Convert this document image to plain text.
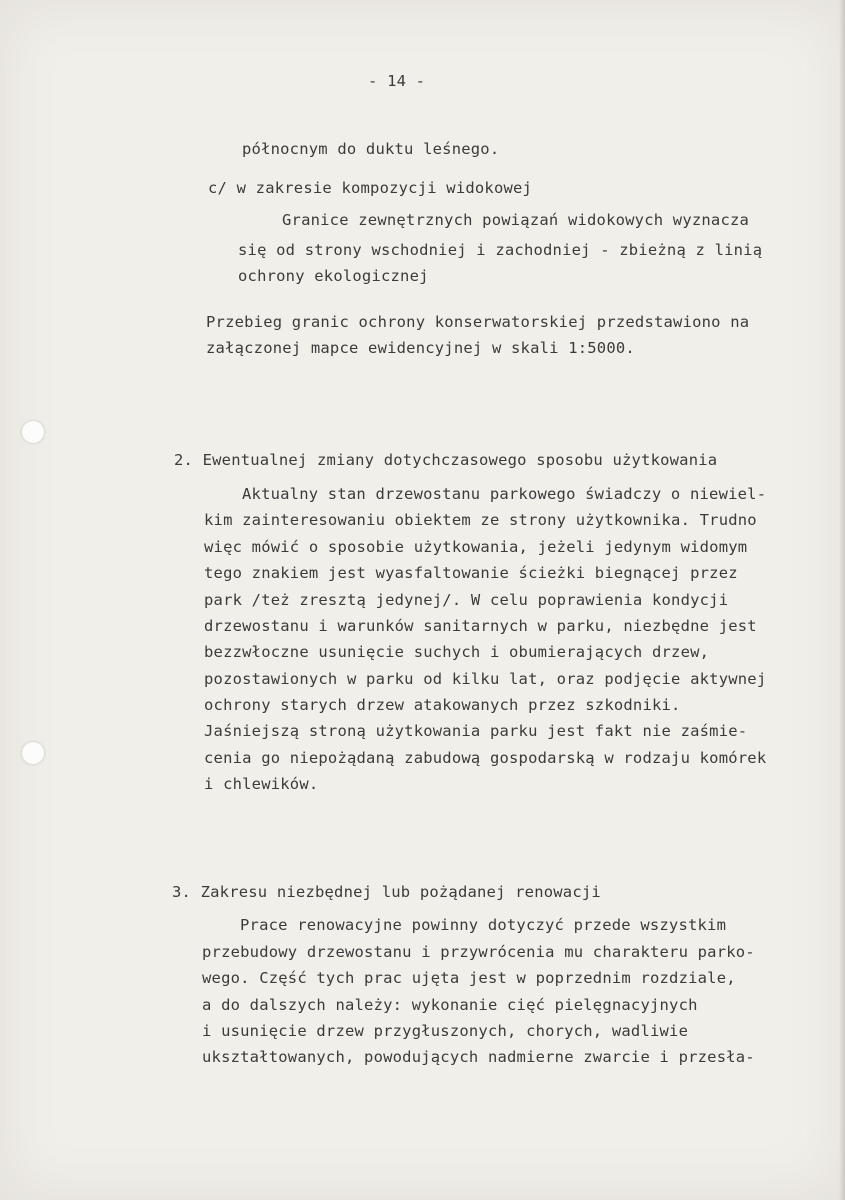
- 14 -
północnym do duktu leśnego.
c/ w zakresie kompozycji widokowej
Granice zewnętrznych powiązań widokowych wyznacza
się od strony wschodniej i zachodniej - zbieżną z linią
ochrony ekologicznej
Przebieg granic ochrony konserwatorskiej przedstawiono na
załączonej mapce ewidencyjnej w skali 1:5000.
2. Ewentualnej zmiany dotychczasowego sposobu użytkowania
Aktualny stan drzewostanu parkowego świadczy o niewiel-
kim zainteresowaniu obiektem ze strony użytkownika. Trudno
więc mówić o sposobie użytkowania, jeżeli jedynym widomym
tego znakiem jest wyasfaltowanie ścieżki biegnącej przez
park /też zresztą jedynej/. W celu poprawienia kondycji
drzewostanu i warunków sanitarnych w parku, niezbędne jest
bezzwłoczne usunięcie suchych i obumierających drzew,
pozostawionych w parku od kilku lat, oraz podjęcie aktywnej
ochrony starych drzew atakowanych przez szkodniki.
Jaśniejszą stroną użytkowania parku jest fakt nie zaśmie-
cenia go niepożądaną zabudową gospodarską w rodzaju komórek
i chlewików.
3. Zakresu niezbędnej lub pożądanej renowacji
Prace renowacyjne powinny dotyczyć przede wszystkim
przebudowy drzewostanu i przywrócenia mu charakteru parko-
wego. Część tych prac ujęta jest w poprzednim rozdziale,
a do dalszych należy: wykonanie cięć pielęgnacyjnych
i usunięcie drzew przygłuszonych, chorych, wadliwie
ukształtowanych, powodujących nadmierne zwarcie i przesła-
